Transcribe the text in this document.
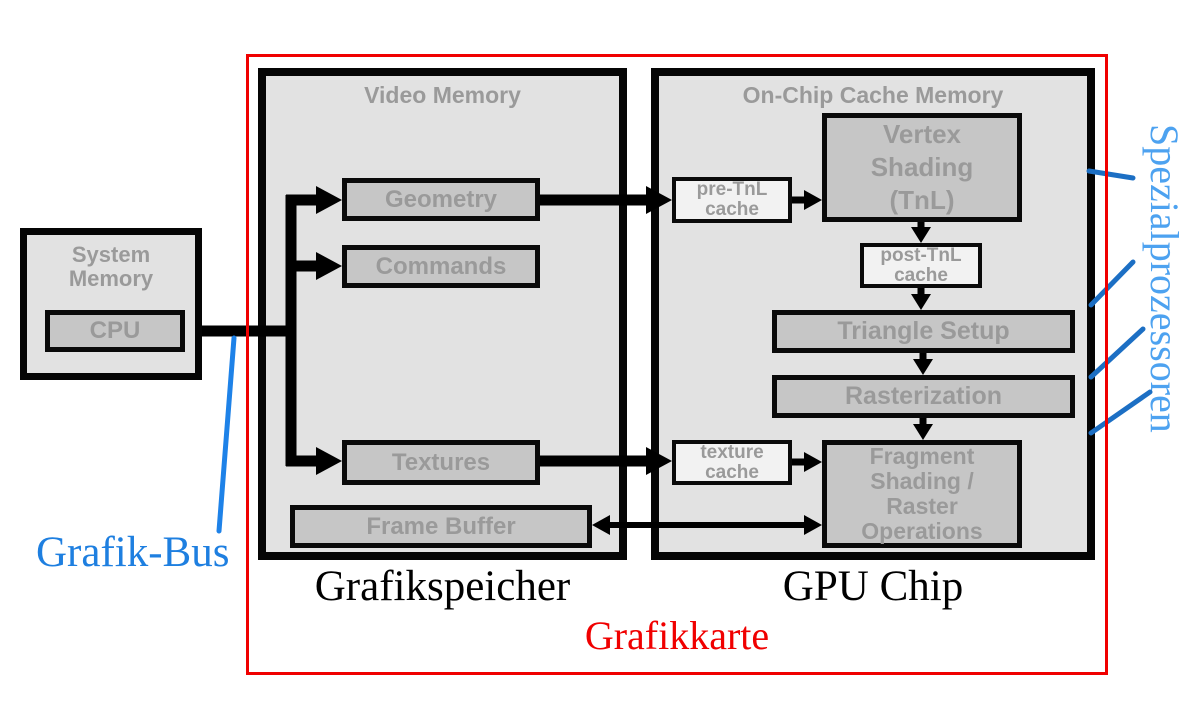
System Memory
CPU
Video Memory
Geometry
Commands
Textures
Frame Buffer
On-Chip Cache Memory
pre-TnL cache
Vertex Shading (TnL)
post-TnL cache
Triangle Setup
Rasterization
texture cache
Fragment Shading / Raster Operations
Grafikspeicher	GPU Chip
Grafikkarte
Grafik-Bus
Spezialprozessoren
